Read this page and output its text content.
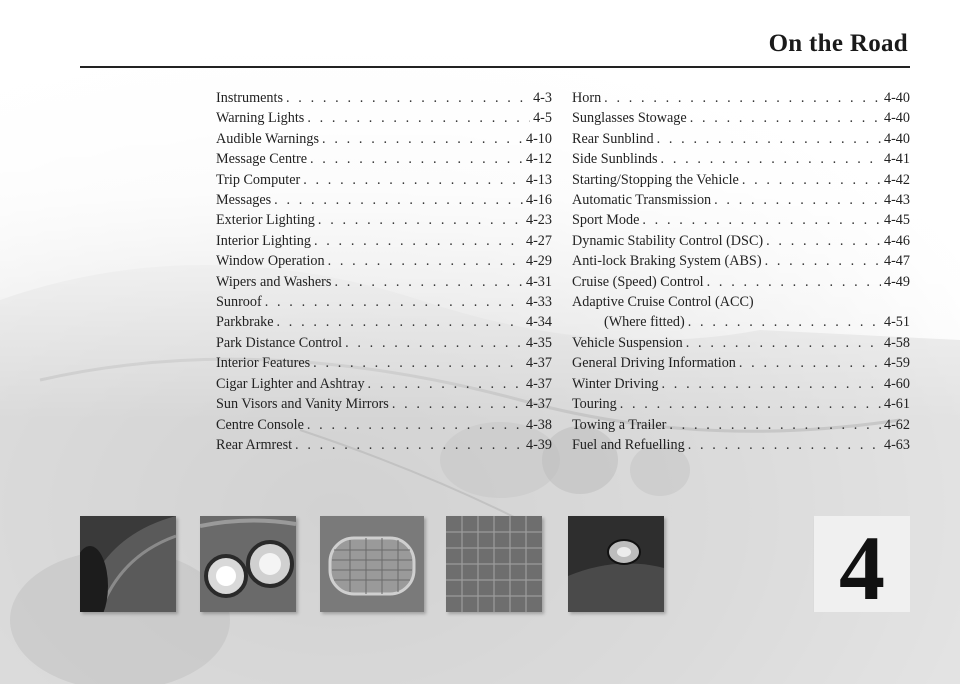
On the Road
Instruments . . .	4-3
Warning Lights . . .	4-5
Audible Warnings . . .	4-10
Message Centre . . .	4-12
Trip Computer . . .	4-13
Messages . . .	4-16
Exterior Lighting . . .	4-23
Interior Lighting . . .	4-27
Window Operation . . .	4-29
Wipers and Washers . . .	4-31
Sunroof . . .	4-33
Parkbrake . . .	4-34
Park Distance Control . . .	4-35
Interior Features . . .	4-37
Cigar Lighter and Ashtray . . .	4-37
Sun Visors and Vanity Mirrors . . .	4-37
Centre Console . . .	4-38
Rear Armrest . . .	4-39
Horn . . .	4-40
Sunglasses Stowage . . .	4-40
Rear Sunblind . . .	4-40
Side Sunblinds . . .	4-41
Starting/Stopping the Vehicle . . .	4-42
Automatic Transmission . . .	4-43
Sport Mode . . .	4-45
Dynamic Stability Control (DSC) . . .	4-46
Anti-lock Braking System (ABS) . . .	4-47
Cruise (Speed) Control . . .	4-49
Adaptive Cruise Control (ACC)
(Where fitted) . . .	4-51
Vehicle Suspension . . .	4-58
General Driving Information . . .	4-59
Winter Driving . . .	4-60
Touring . . .	4-61
Towing a Trailer . . .	4-62
Fuel and Refuelling . . .	4-63
4
